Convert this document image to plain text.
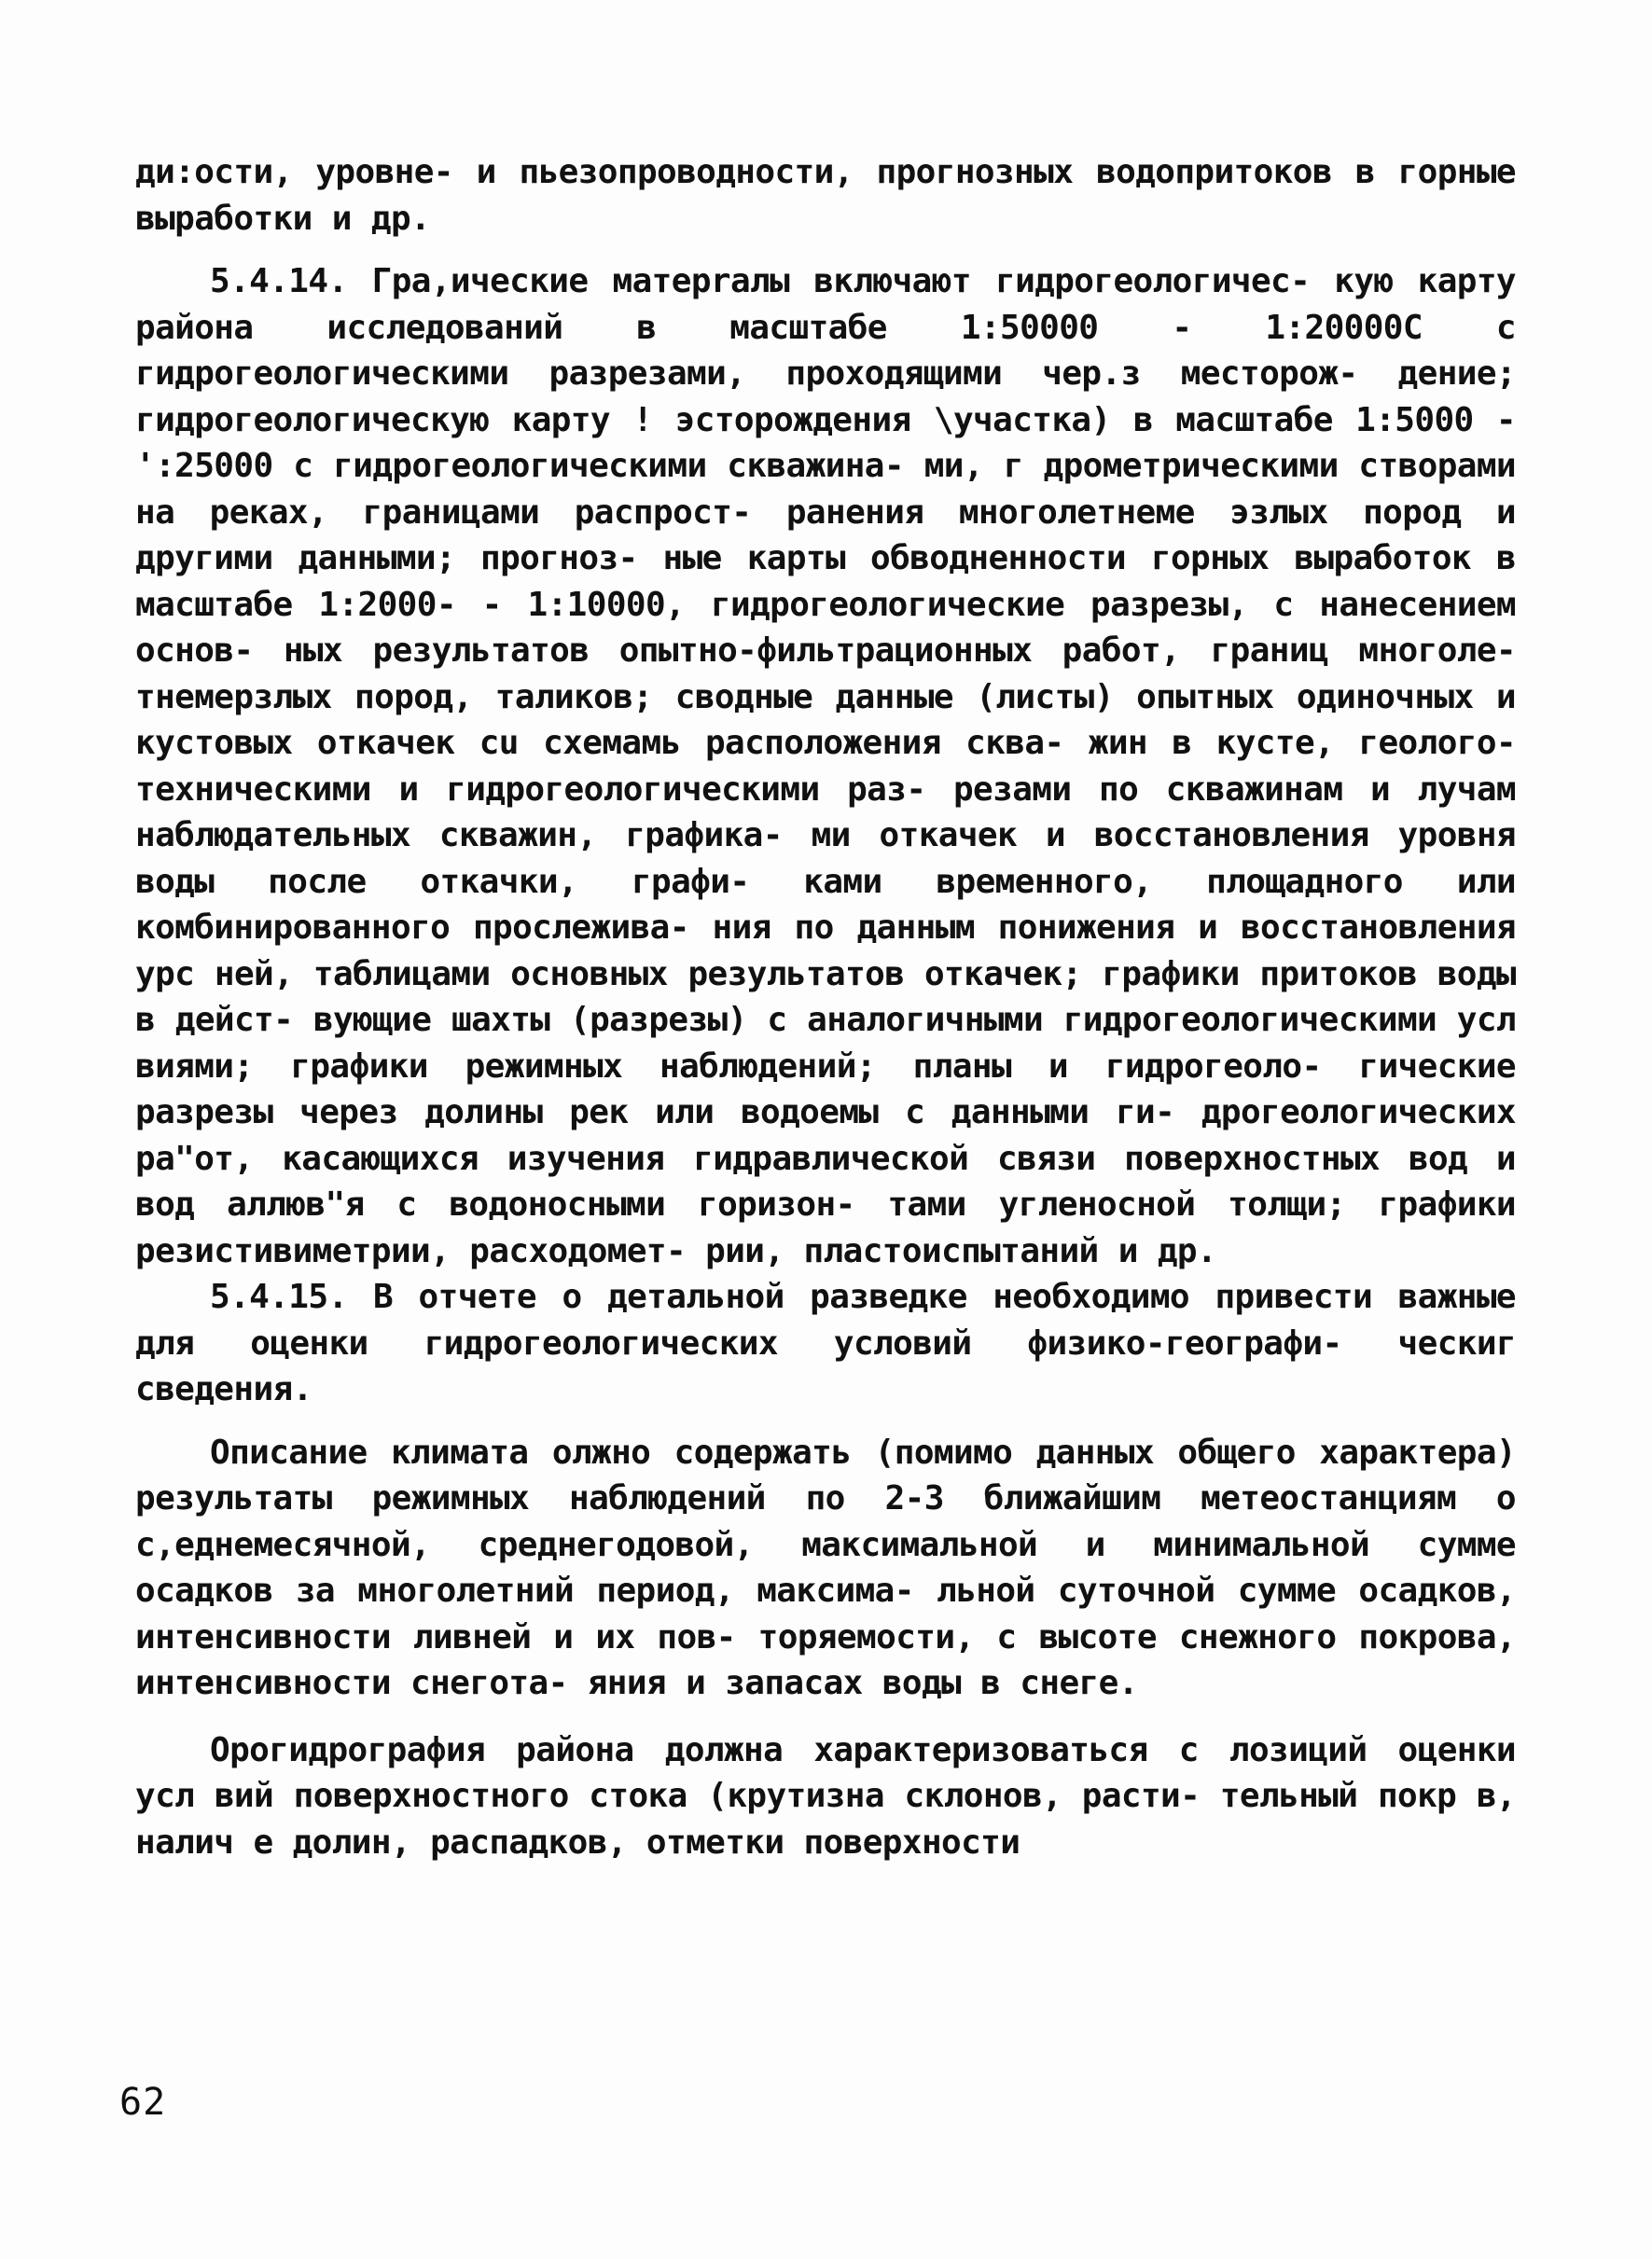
ди:ости, уровне- и пьезопроводности, прогнозных водопритоков в горные выработки и др.

5.4.14. Гра,ические матерrалы включают гидрогеологичес- кую карту района исследований в масштабе 1:50000 - 1:20000C с гидрогеологическими разрезами, проходящими чер.з месторож- дение; гидрогеологическую карту ! эсторождения \участка) в масштабе 1:5000 - ':25000 с гидрогеологическими скважина- ми, г дрометрическими створами на реках, границами распрост- ранения многолетнеме эзлых пород и другими данными; прогноз- ные карты обводненности горных выработок в масштабе 1:2000- - 1:10000, гидрогеологические разрезы, с нанесением основ- ных результатов опытно-фильтрационных работ, границ многоле- тнемерзлых пород, таликов; сводные данные (листы) опытных одиночных и кустовых откачек сu схемамь расположения сква- жин в кусте, геолого-техническими и гидрогеологическими раз- резами по скважинам и лучам наблюдательных скважин, графика- ми откачек и восстановления уровня воды после откачки, графи- ками временного, площадного или комбинированного прослежива- ния по данным понижения и восстановления урс ней, таблицами основных результатов откачек; графики притоков воды в дейст- вующие шахты (разрезы) с аналогичными гидрогеологическими усл виями; графики режимных наблюдений; планы и гидрогеоло- гические разрезы через долины рек или водоемы с данными ги- дрогеологических ра"от, касающихся изучения гидравлической связи поверхностных вод и вод аллюв"я с водоносными горизон- тами угленосной толщи; графики резистивиметрии, расходомет- рии, пластоиспытаний и др.

5.4.15. В отчете о детальной разведке необходимо привести важные для оценки гидрогеологических условий физико-географи- ческиг сведения.

Описание климата олжно содержать (помимо данных общего характера) результаты режимных наблюдений по 2-3 ближайшим метеостанциям о с,еднемесячной, среднегодовой, максимальной и минимальной сумме осадков за многолетний период, максима- льной суточной сумме осадков, интенсивности ливней и их пов- торяемости, с высоте снежного покрова, интенсивности снегота- яния и запасах воды в снеге.

Орогидрография района должна характеризоваться с лозиций оценки усл вий поверхностного стока (крутизна склонов, расти- тельный покр в, налич е долин, распадков, отметки поверхности

62
